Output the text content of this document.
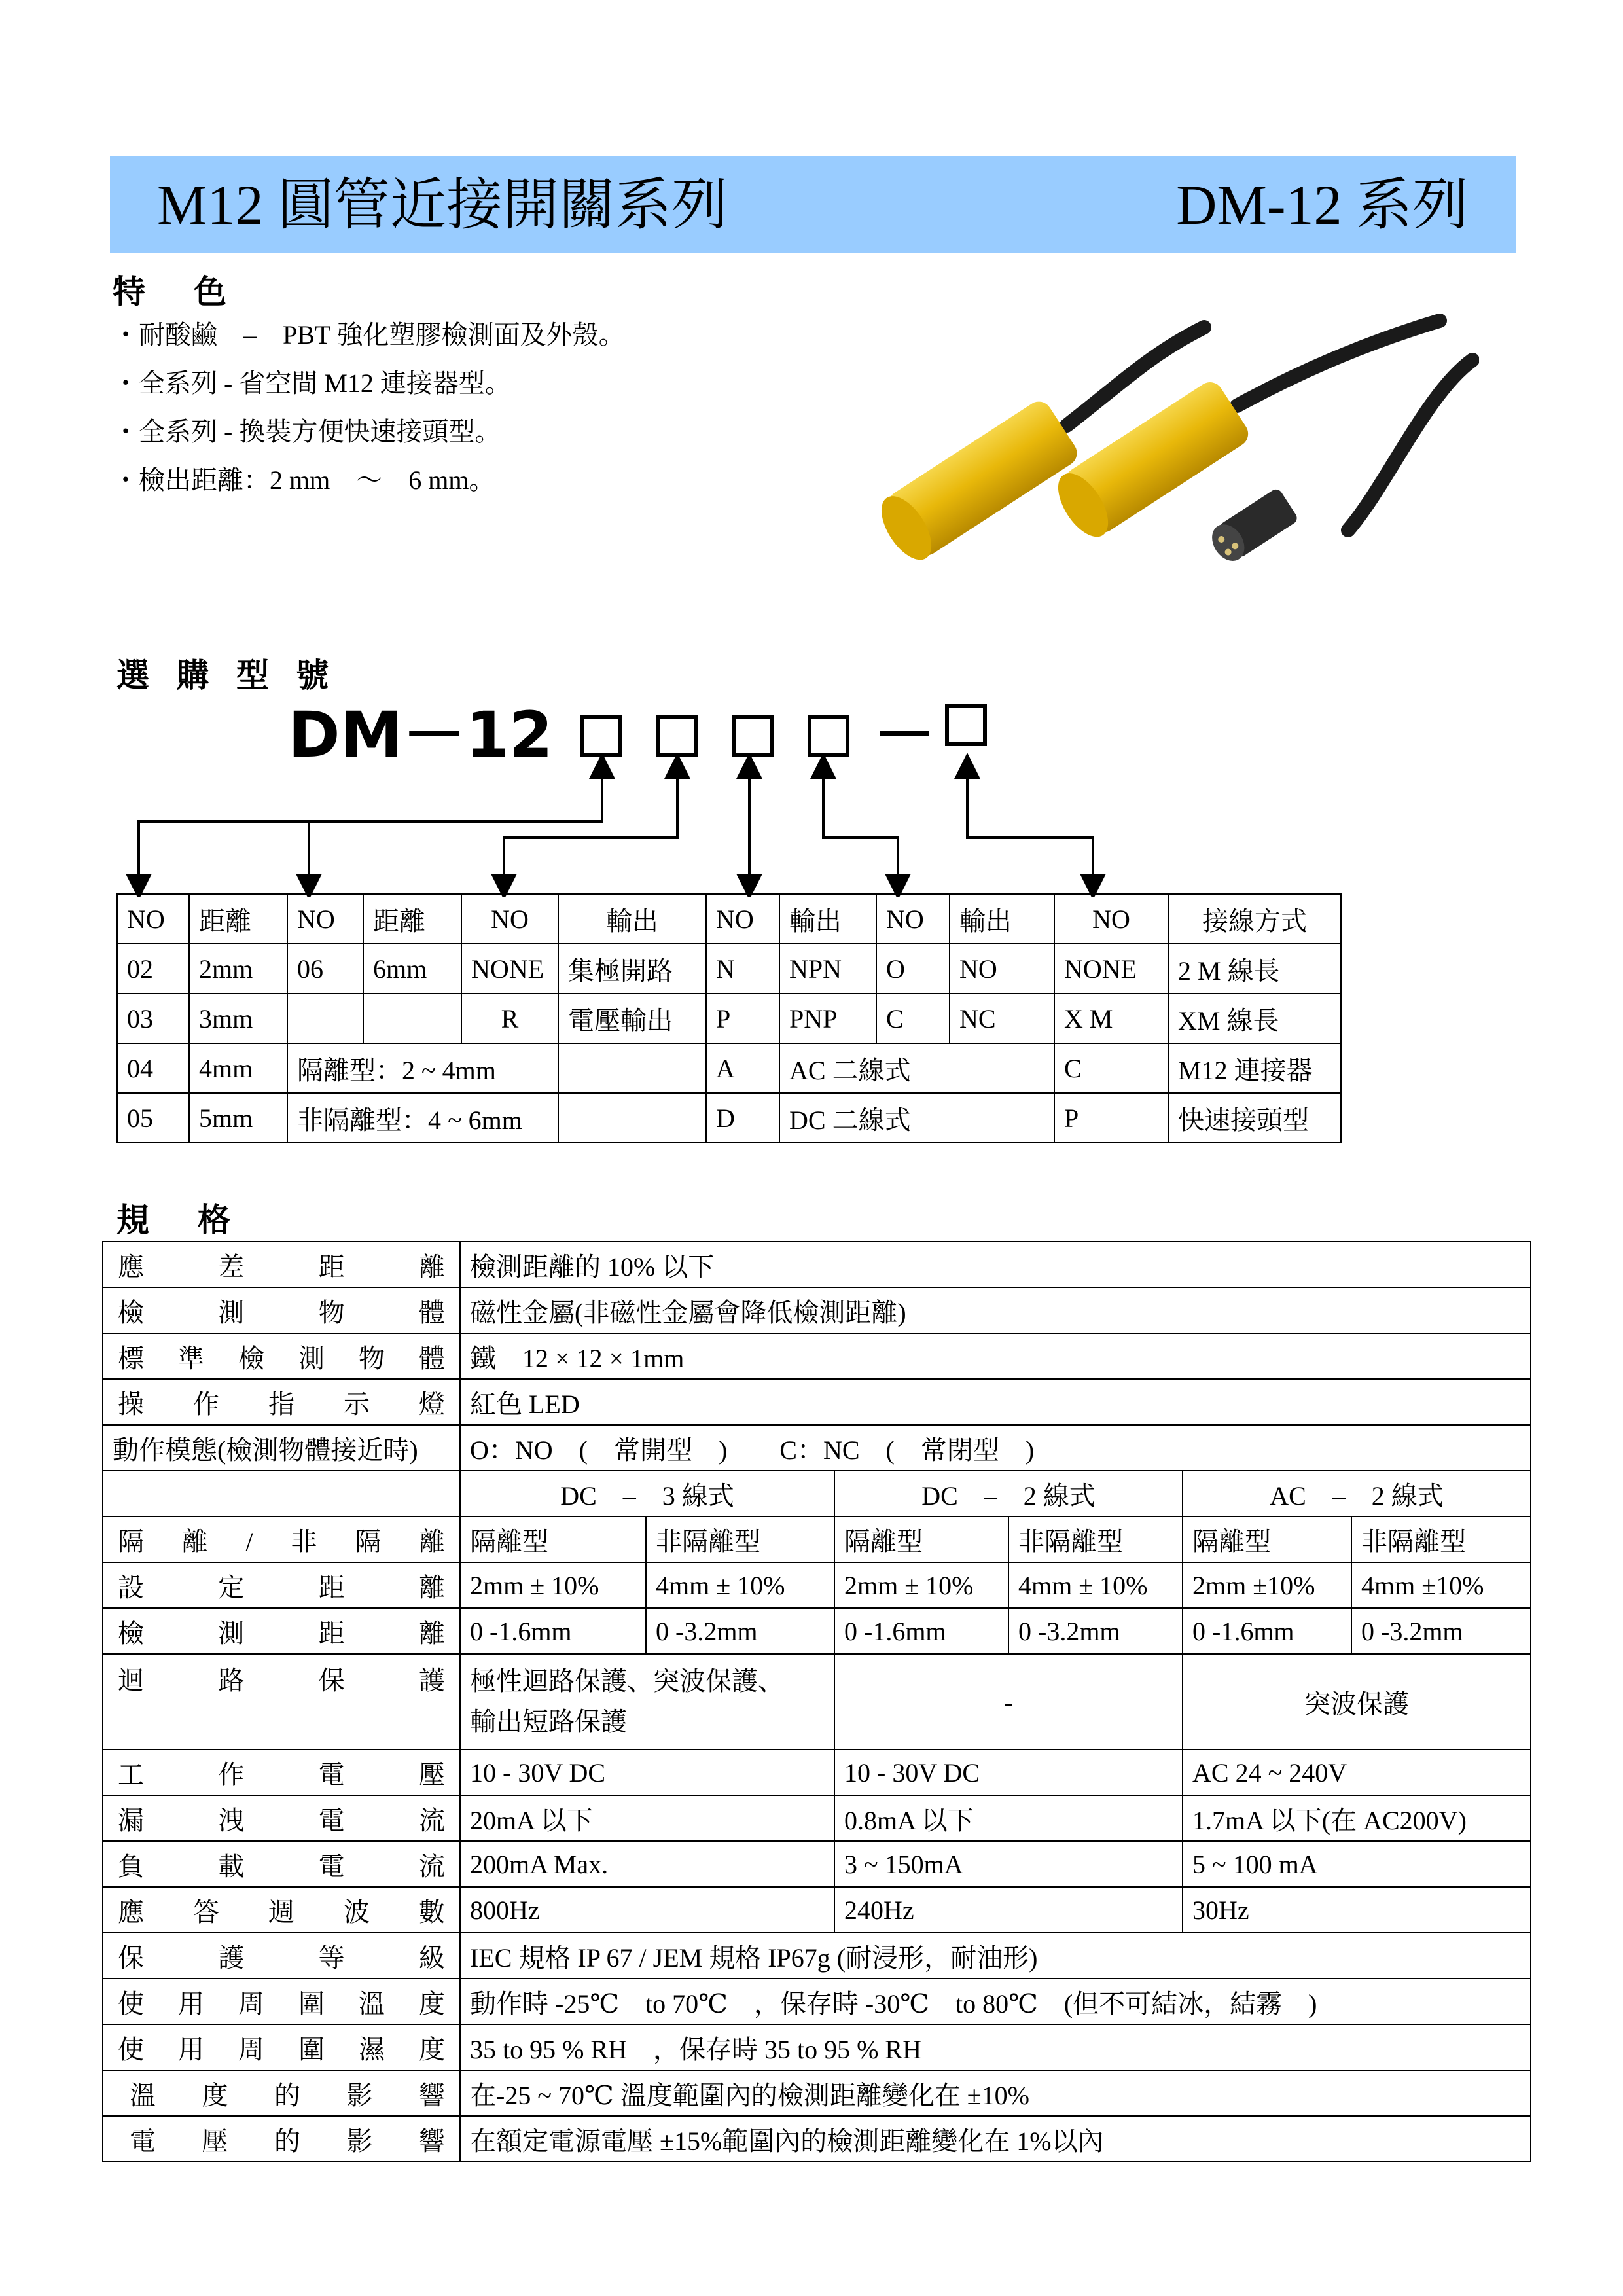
M12 圓管近接開關系列	DM-12 系列
特　色
・耐酸鹼　–　PBT 強化塑膠檢測面及外殼。
・全系列 - 省空間 M12 連接器型。
・全系列 - 換裝方便快速接頭型。
・檢出距離：2 mm　～　6 mm。
選 購 型 號
DM－12	－
NO	距離	NO	距離	NO	輸出	NO	輸出	NO	輸出	NO	接線方式
02	2mm	06	6mm	NONE	集極開路	N	NPN	O	NO	NONE	2 M 線長
03	3mm			R	電壓輸出	P	PNP	C	NC	X M	XM 線長
04	4mm	隔離型：2 ~ 4mm				A	AC 二線式			C	M12 連接器
05	5mm	非隔離型：4 ~ 6mm				D	DC 二線式			P	快速接頭型
規　格
應差距離	檢測距離的 10% 以下					
檢測物體	磁性金屬(非磁性金屬會降低檢測距離)					
標準檢測物體	鐵　12 × 12 × 1mm					
操作指示燈	紅色 LED					
動作模態(檢測物體接近時)	O：NO　(　常開型　)　　C：NC　(　常閉型　)					
	DC　–　3 線式		DC　–　2 線式		AC　–　2 線式	
隔離/非隔離	隔離型	非隔離型	隔離型	非隔離型	隔離型	非隔離型
設定距離	2mm ± 10%	4mm ± 10%	2mm ± 10%	4mm ± 10%	2mm ±10%	4mm ±10%
檢測距離	0 -1.6mm	0 -3.2mm	0 -1.6mm	0 -3.2mm	0 -1.6mm	0 -3.2mm
迴路保護	極性迴路保護、突波保護、
輸出短路保護		-		突波保護	
工作電壓	10 - 30V DC		10 - 30V DC		AC 24 ~ 240V	
漏洩電流	20mA 以下		0.8mA 以下		1.7mA 以下(在 AC200V)	
負載電流	200mA Max.		3 ~ 150mA		5 ~ 100 mA	
應答週波數	800Hz		240Hz		30Hz	
保護等級	IEC 規格 IP 67 / JEM 規格 IP67g (耐浸形，耐油形)					
使用周圍溫度	動作時 -25℃　to 70℃　，保存時 -30℃　to 80℃　(但不可結冰，結霧　)					
使用周圍濕度	35 to 95 % RH　，保存時 35 to 95 % RH					
溫度的影響	在-25 ~ 70℃ 溫度範圍內的檢測距離變化在 ±10%					
電壓的影響	在額定電源電壓 ±15%範圍內的檢測距離變化在 1%以內					
